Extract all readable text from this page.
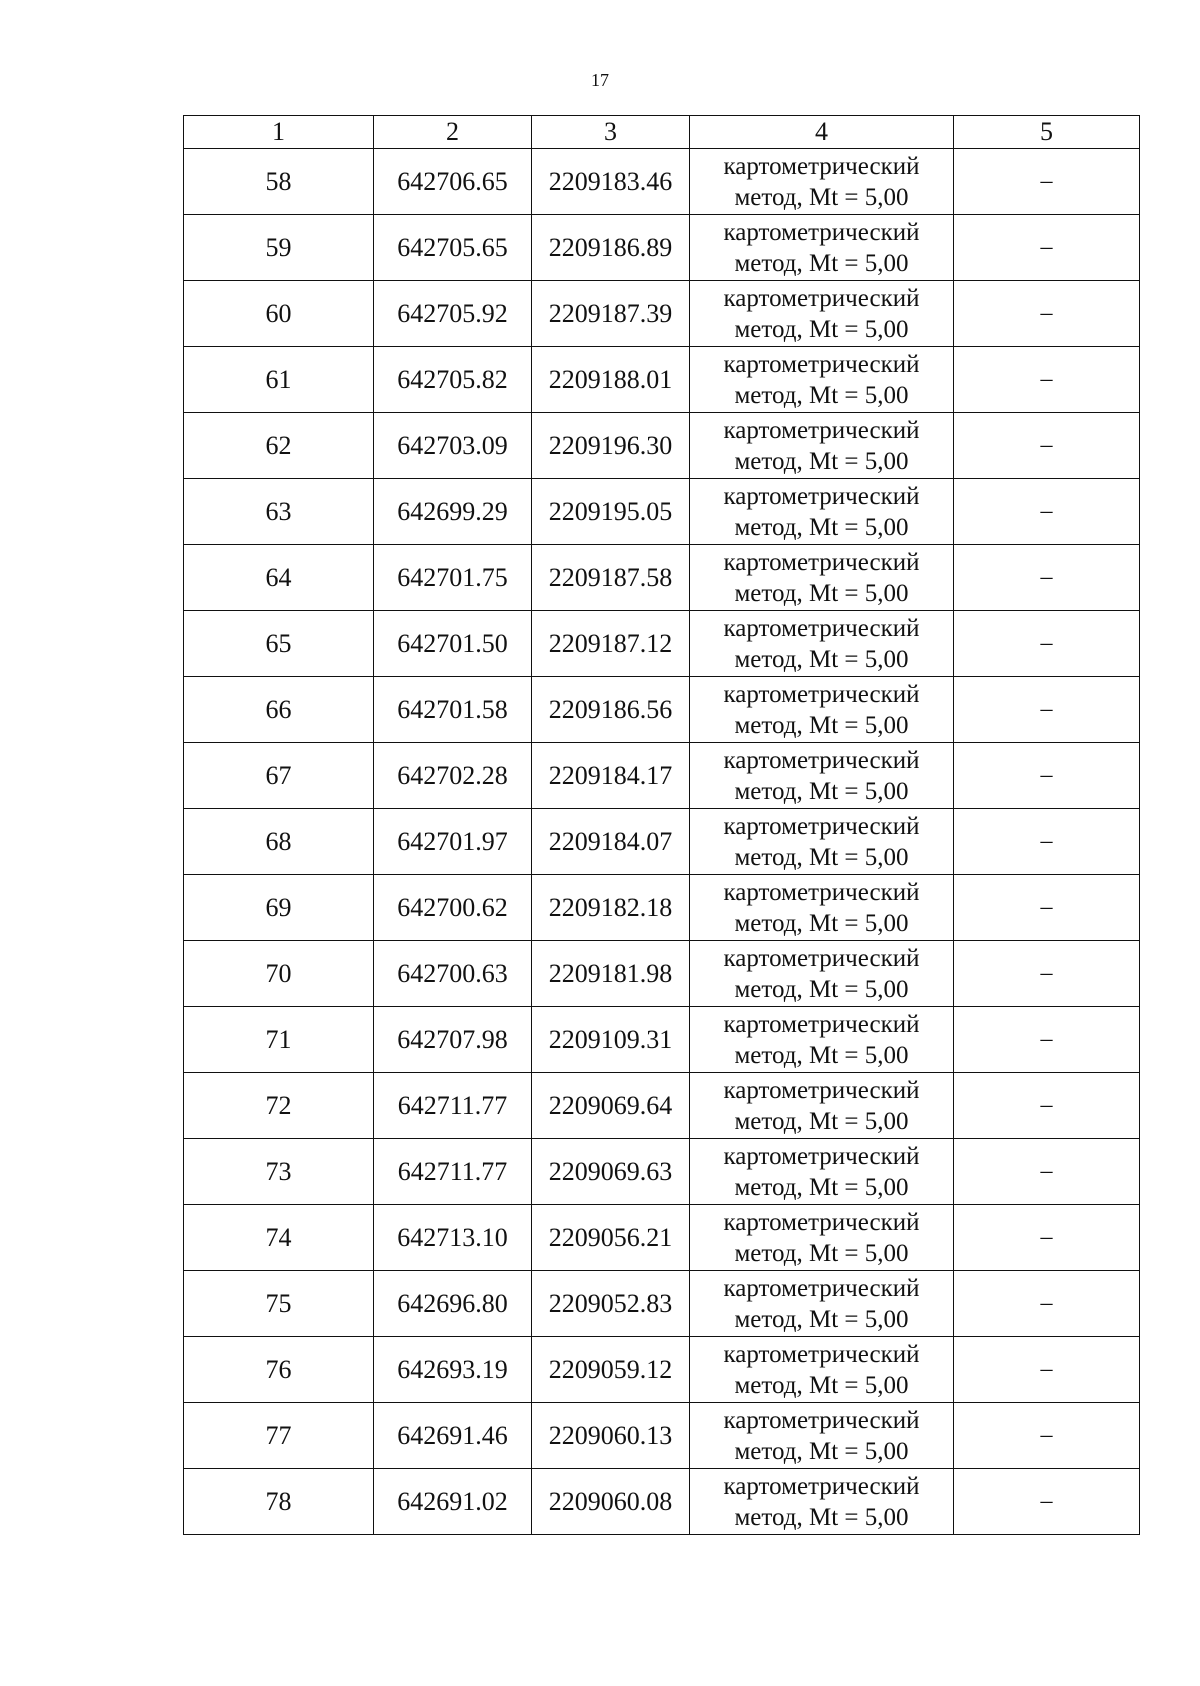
17
1	2	3	4	5
58	642706.65	2209183.46	картометрический
метод, Mt = 5,00	–
59	642705.65	2209186.89	картометрический
метод, Mt = 5,00	–
60	642705.92	2209187.39	картометрический
метод, Mt = 5,00	–
61	642705.82	2209188.01	картометрический
метод, Mt = 5,00	–
62	642703.09	2209196.30	картометрический
метод, Mt = 5,00	–
63	642699.29	2209195.05	картометрический
метод, Mt = 5,00	–
64	642701.75	2209187.58	картометрический
метод, Mt = 5,00	–
65	642701.50	2209187.12	картометрический
метод, Mt = 5,00	–
66	642701.58	2209186.56	картометрический
метод, Mt = 5,00	–
67	642702.28	2209184.17	картометрический
метод, Mt = 5,00	–
68	642701.97	2209184.07	картометрический
метод, Mt = 5,00	–
69	642700.62	2209182.18	картометрический
метод, Mt = 5,00	–
70	642700.63	2209181.98	картометрический
метод, Mt = 5,00	–
71	642707.98	2209109.31	картометрический
метод, Mt = 5,00	–
72	642711.77	2209069.64	картометрический
метод, Mt = 5,00	–
73	642711.77	2209069.63	картометрический
метод, Mt = 5,00	–
74	642713.10	2209056.21	картометрический
метод, Mt = 5,00	–
75	642696.80	2209052.83	картометрический
метод, Mt = 5,00	–
76	642693.19	2209059.12	картометрический
метод, Mt = 5,00	–
77	642691.46	2209060.13	картометрический
метод, Mt = 5,00	–
78	642691.02	2209060.08	картометрический
метод, Mt = 5,00	–
